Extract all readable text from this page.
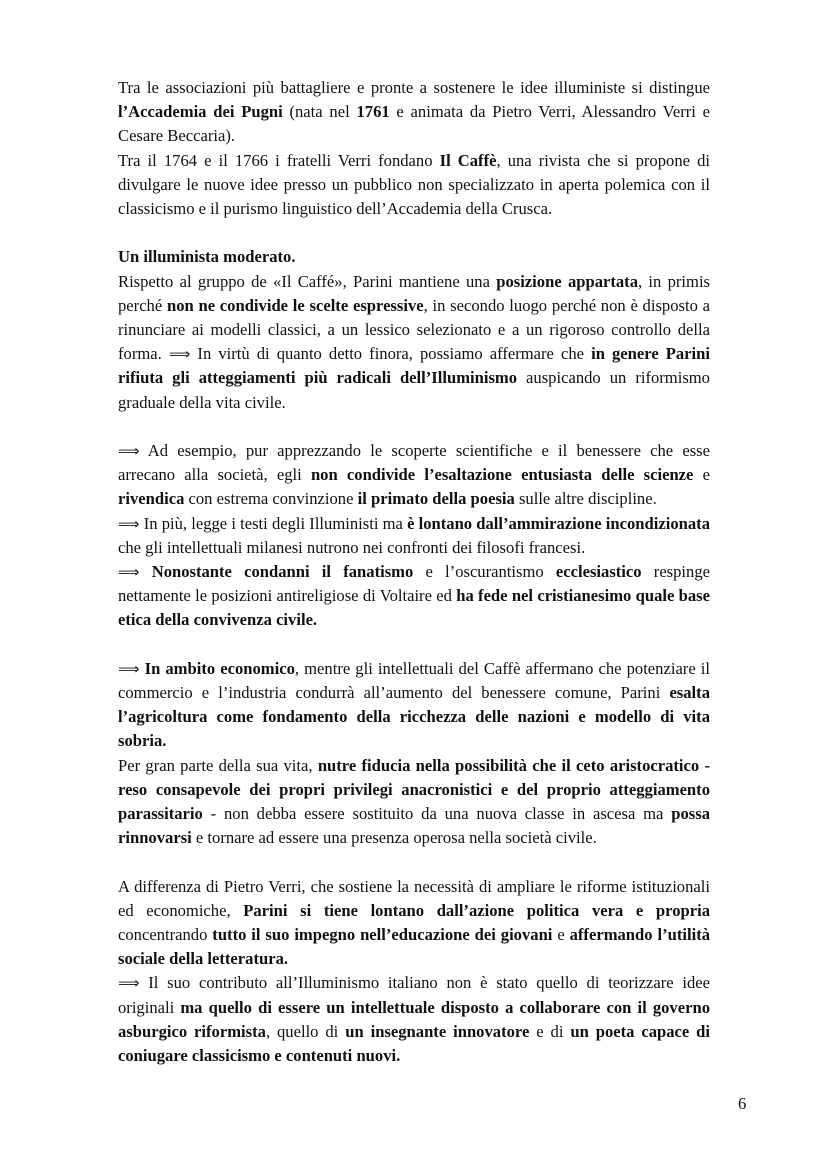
Tra le associazioni più battagliere e pronte a sostenere le idee illuministe si distingue l’Accademia dei Pugni (nata nel 1761 e animata da Pietro Verri, Alessandro Verri e Cesare Beccaria).

Tra il 1764 e il 1766 i fratelli Verri fondano Il Caffè, una rivista che si propone di divulgare le nuove idee presso un pubblico non specializzato in aperta polemica con il classicismo e il purismo linguistico dell’Accademia della Crusca.

Un illuminista moderato.

Rispetto al gruppo de «Il Caffé», Parini mantiene una posizione appartata, in primis perché non ne condivide le scelte espressive, in secondo luogo perché non è disposto a rinunciare ai modelli classici, a un lessico selezionato e a un rigoroso controllo della forma. ⟹ In virtù di quanto detto finora, possiamo affermare che in genere Parini rifiuta gli atteggiamenti più radicali dell’Illuminismo auspicando un riformismo graduale della vita civile.

⟹ Ad esempio, pur apprezzando le scoperte scientifiche e il benessere che esse arrecano alla società, egli non condivide l’esaltazione entusiasta delle scienze e rivendica con estrema convinzione il primato della poesia sulle altre discipline.

⟹ In più, legge i testi degli Illuministi ma è lontano dall’ammirazione incondizionata che gli intellettuali milanesi nutrono nei confronti dei filosofi francesi.

⟹ Nonostante condanni il fanatismo e l’oscurantismo ecclesiastico respinge nettamente le posizioni antireligiose di Voltaire ed ha fede nel cristianesimo quale base etica della convivenza civile.

⟹ In ambito economico, mentre gli intellettuali del Caffè affermano che potenziare il commercio e l’industria condurrà all’aumento del benessere comune, Parini esalta l’agricoltura come fondamento della ricchezza delle nazioni e modello di vita sobria.

Per gran parte della sua vita, nutre fiducia nella possibilità che il ceto aristocratico - reso consapevole dei propri privilegi anacronistici e del proprio atteggiamento parassitario - non debba essere sostituito da una nuova classe in ascesa ma possa rinnovarsi e tornare ad essere una presenza operosa nella società civile.

A differenza di Pietro Verri, che sostiene la necessità di ampliare le riforme istituzionali ed economiche, Parini si tiene lontano dall’azione politica vera e propria concentrando tutto il suo impegno nell’educazione dei giovani e affermando l’utilità sociale della letteratura.

⟹ Il suo contributo all’Illuminismo italiano non è stato quello di teorizzare idee originali ma quello di essere un intellettuale disposto a collaborare con il governo asburgico riformista, quello di un insegnante innovatore e di un poeta capace di coniugare classicismo e contenuti nuovi.

6
